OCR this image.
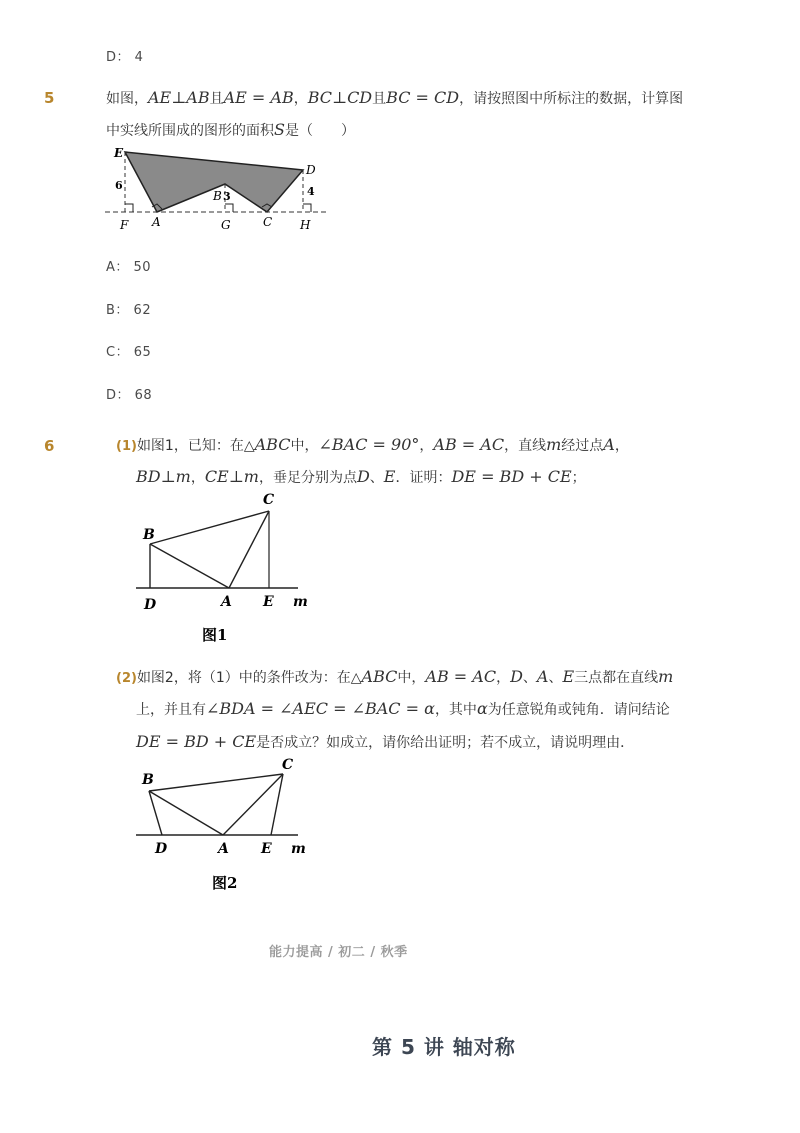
D： 4
5	如图，AE⊥AB且AE = AB，BC⊥CD且BC = CD，请按照图中所标注的数据，计算图
中实线所围成的图形的面积S是（　　）
E
D
B 3
6	4
F A	G	C H
A： 50
B： 62
C： 65
D： 68
6	(1)如图1，已知：在△ABC中，∠BAC = 90°，AB = AC，直线m经过点A，
BD⊥m，CE⊥m，垂足分别为点D、E．证明：DE = BD + CE；
B
C
D	A E m
图1
(2)如图2，将（1）中的条件改为：在△ABC中，AB = AC，D、A、E三点都在直线m
上，并且有∠BDA = ∠AEC = ∠BAC = α，其中α为任意锐角或钝角．请问结论
DE = BD + CE是否成立？如成立，请你给出证明；若不成立，请说明理由．
B
C
D	A E m
图2
能力提高 / 初二 / 秋季
第 5 讲 轴对称
